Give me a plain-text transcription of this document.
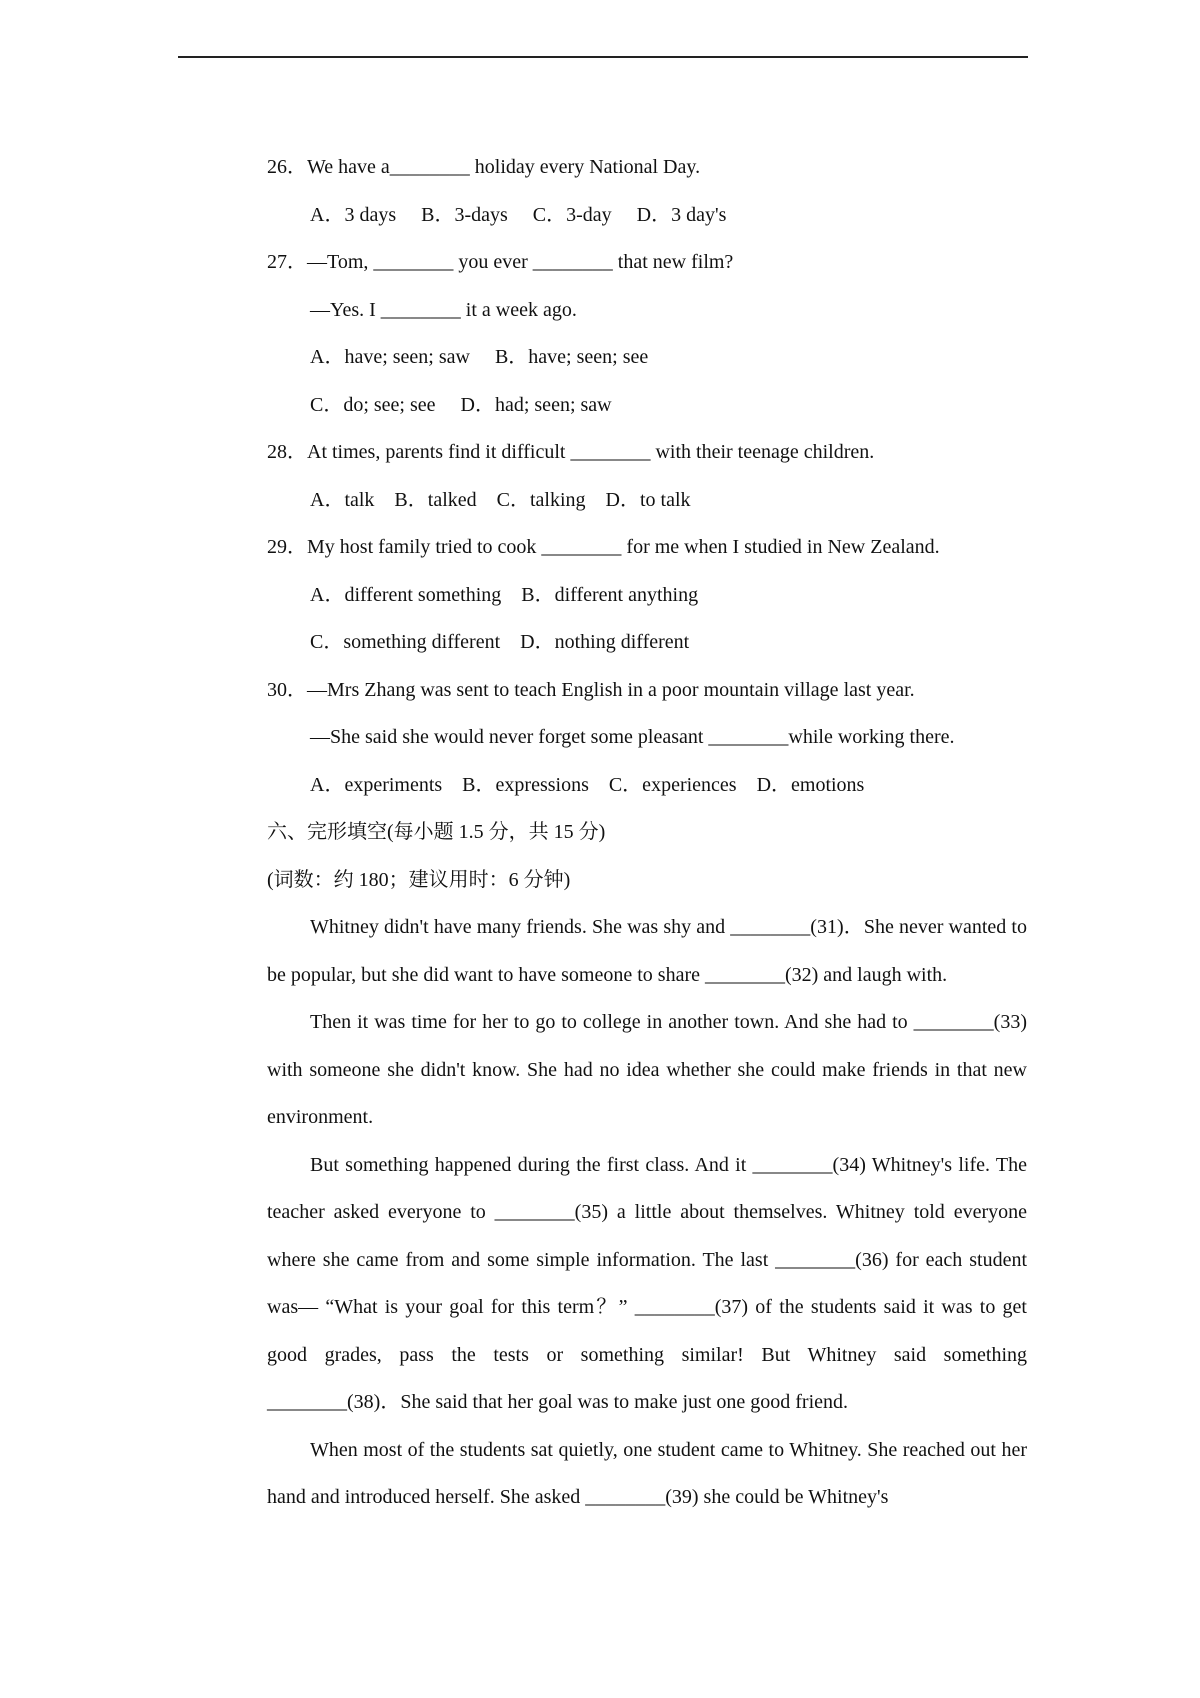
26．We have a________ holiday every National Day.
A．3 days　 B．3-days　 C．3-day　 D．3 day's
27．—Tom, ________ you ever ________ that new film?
—Yes. I ________ it a week ago.
A．have; seen; saw　 B．have; seen; see
C．do; see; see　 D．had; seen; saw
28．At times, parents find it difficult ________ with their teenage children.
A．talk　B．talked　C．talking　D．to talk
29．My host family tried to cook ________ for me when I studied in New Zealand.
A．different something　B．different anything
C．something different　D．nothing different
30．—Mrs Zhang was sent to teach English in a poor mountain village last year.
—She said she would never forget some pleasant ________while working there.
A．experiments　B．expressions　C．experiences　D．emotions
六、完形填空(每小题 1.5 分，共 15 分)
(词数：约 180；建议用时：6 分钟)

Whitney didn't have many friends. She was shy and ________(31)．She never wanted to be popular, but she did want to have someone to share ________(32) and laugh with.

Then it was time for her to go to college in another town. And she had to ________(33) with someone she didn't know. She had no idea whether she could make friends in that new environment.

But something happened during the first class. And it ________(34) Whitney's life. The teacher asked everyone to ________(35) a little about themselves. Whitney told everyone where she came from and some simple information. The last ________(36) for each student was— “What is your goal for this term？” ________(37) of the students said it was to get good grades, pass the tests or something similar! But Whitney said something ________(38)．She said that her goal was to make just one good friend.

When most of the students sat quietly, one student came to Whitney. She reached out her hand and introduced herself. She asked ________(39) she could be Whitney's
